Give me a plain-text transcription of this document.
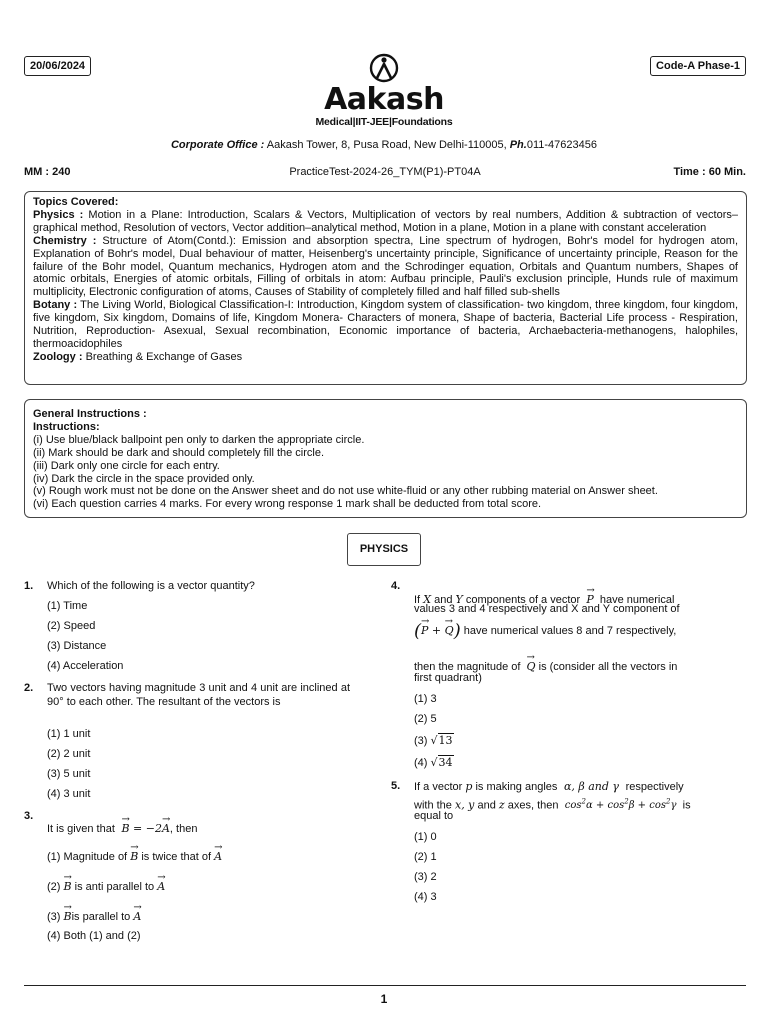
20/06/2024	Code-A Phase-1
Aakash
Medical|IIT-JEE|Foundations
Corporate Office : Aakash Tower, 8, Pusa Road, New Delhi-110005, Ph.011-47623456
MM : 240	PracticeTest-2024-26_TYM(P1)-PT04A	Time : 60 Min.
Topics Covered:
Physics : Motion in a Plane: Introduction, Scalars & Vectors, Multiplication of vectors by real numbers, Addition & subtraction of vectors–graphical method, Resolution of vectors, Vector addition–analytical method, Motion in a plane, Motion in a plane with constant acceleration
Chemistry : Structure of Atom(Contd.): Emission and absorption spectra, Line spectrum of hydrogen, Bohr's model for hydrogen atom, Explanation of Bohr's model, Dual behaviour of matter, Heisenberg's uncertainty principle, Significance of uncertainty principle, Reason for the failure of the Bohr model, Quantum mechanics, Hydrogen atom and the Schrodinger equation, Orbitals and Quantum numbers, Shapes of atomic orbitals, Energies of atomic orbitals, Filling of orbitals in atom: Aufbau principle, Pauli's exclusion principle, Hunds rule of maximum multiplicity, Electronic configuration of atoms, Causes of Stability of completely filled and half filled sub-shells
Botany : The Living World, Biological Classification-I: Introduction, Kingdom system of classification- two kingdom, three kingdom, four kingdom, five kingdom, Six kingdom, Domains of life, Kingdom Monera- Characters of monera, Shape of bacteria, Bacterial Life process - Respiration, Nutrition, Reproduction- Asexual, Sexual recombination, Economic importance of bacteria, Archaebacteria-methanogens, halophiles, thermoacidophiles
Zoology : Breathing & Exchange of Gases
General Instructions :
Instructions:
(i) Use blue/black ballpoint pen only to darken the appropriate circle.
(ii) Mark should be dark and should completely fill the circle.
(iii) Dark only one circle for each entry.
(iv) Dark the circle in the space provided only.
(v) Rough work must not be done on the Answer sheet and do not use white-fluid or any other rubbing material on Answer sheet.
(vi) Each question carries 4 marks. For every wrong response 1 mark shall be deducted from total score.
PHYSICS
1. Which of the following is a vector quantity?
(1) Time
(2) Speed
(3) Distance
(4) Acceleration
2. Two vectors having magnitude 3 unit and 4 unit are inclined at 90° to each other. The resultant of the vectors is
(1) 1 unit
(2) 2 unit
(3) 5 unit
(4) 3 unit
3.
It is given that → B = −2→ A, then
(1) Magnitude of → B is twice that of → A
(2) → B is anti parallel to → A
(3) → Bis parallel to → A
(4) Both (1) and (2)
4.
If X and Y components of a vector → P have numerical
values 3 and 4 respectively and X and Y component of
(→ P + → Q) have numerical values 8 and 7 respectively,
then the magnitude of → Q is (consider all the vectors in
first quadrant)
(1) 3
(2) 5
(3) √13
(4) √34
5. If a vector p is making angles  α, β and γ  respectively
with the x, y and z axes, then  $\cos^2\alpha + \cos^2\beta + \cos^2\gamma$  is
equal to
(1) 0
(2) 1
(3) 2
(4) 3
1
